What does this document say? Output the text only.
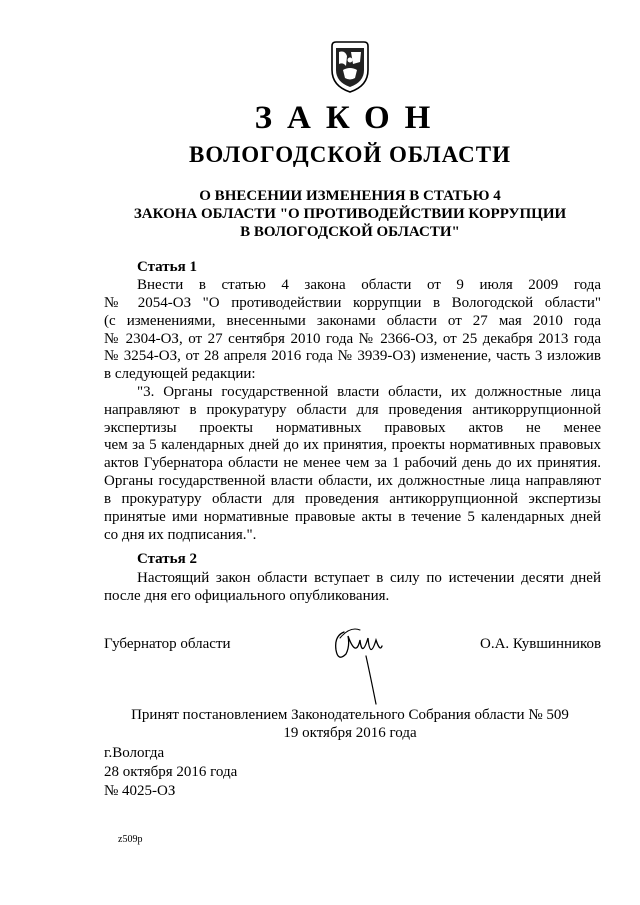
ЗАКОН
ВОЛОГОДСКОЙ ОБЛАСТИ
О ВНЕСЕНИИ ИЗМЕНЕНИЯ В СТАТЬЮ 4
ЗАКОНА ОБЛАСТИ "О ПРОТИВОДЕЙСТВИИ КОРРУПЦИИ
В ВОЛОГОДСКОЙ ОБЛАСТИ"
Статья 1
Внести в статью 4 закона области от 9 июля 2009 года
№ 2054-ОЗ "О противодействии коррупции в Вологодской области"
(с изменениями, внесенными законами области от 27 мая 2010 года
№ 2304-ОЗ, от 27 сентября 2010 года № 2366-ОЗ, от 25 декабря 2013 года
№ 3254-ОЗ, от 28 апреля 2016 года № 3939-ОЗ) изменение, часть 3 изложив
в следующей редакции:
"3. Органы государственной власти области, их должностные лица
направляют в прокуратуру области для проведения антикоррупционной
экспертизы проекты нормативных правовых актов не менее
чем за 5 календарных дней до их принятия, проекты нормативных правовых
актов Губернатора области не менее чем за 1 рабочий день до их принятия.
Органы государственной власти области, их должностные лица направляют
в прокуратуру области для проведения антикоррупционной экспертизы
принятые ими нормативные правовые акты в течение 5 календарных дней
со дня их подписания.".
Статья 2
Настоящий закон области вступает в силу по истечении десяти дней
после дня его официального опубликования.
Губернатор области	О.А. Кувшинников
Принят постановлением Законодательного Собрания области № 509
19 октября 2016 года
г.Вологда
28 октября 2016 года
№ 4025-ОЗ
z509p
